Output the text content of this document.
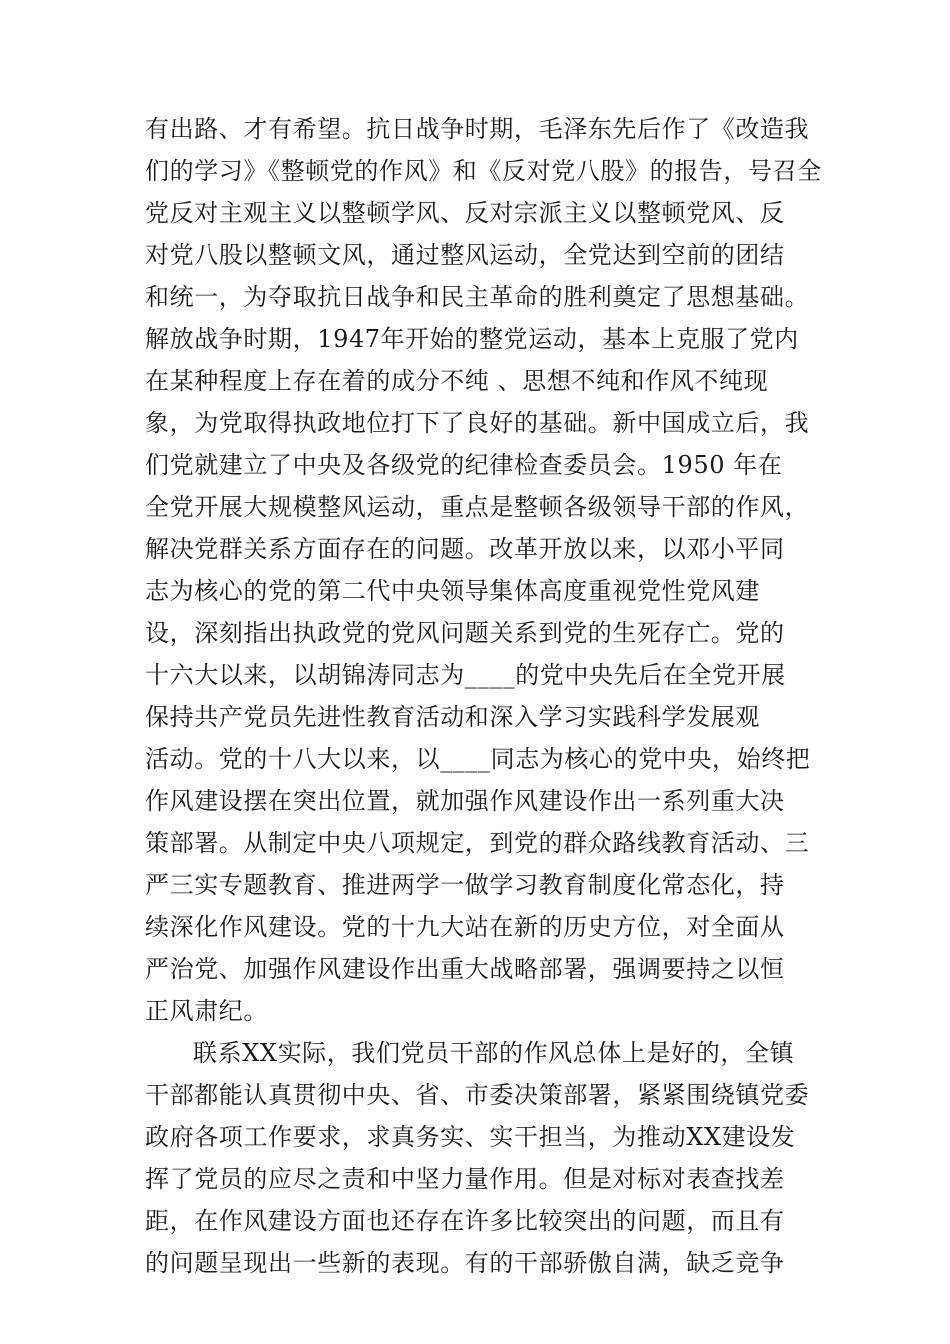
有出路、才有希望。抗日战争时期，毛泽东先后作了《改造我
们的学习》《整顿党的作风》和《反对党八股》的报告，号召全
党反对主观主义以整顿学风、反对宗派主义以整顿党风、反
对党八股以整顿文风，通过整风运动，全党达到空前的团结
和统一，为夺取抗日战争和民主革命的胜利奠定了思想基础。
解放战争时期，1947年开始的整党运动，基本上克服了党内
在某种程度上存在着的成分不纯 、思想不纯和作风不纯现
象，为党取得执政地位打下了良好的基础。新中国成立后，我
们党就建立了中央及各级党的纪律检查委员会。1950 年在
全党开展大规模整风运动，重点是整顿各级领导干部的作风，
解决党群关系方面存在的问题。改革开放以来，以邓小平同
志为核心的党的第二代中央领导集体高度重视党性党风建
设，深刻指出执政党的党风问题关系到党的生死存亡。党的
十六大以来，以胡锦涛同志为____的党中央先后在全党开展
保持共产党员先进性教育活动和深入学习实践科学发展观
活动。党的十八大以来，以____同志为核心的党中央，始终把
作风建设摆在突出位置，就加强作风建设作出一系列重大决
策部署。从制定中央八项规定，到党的群众路线教育活动、三
严三实专题教育、推进两学一做学习教育制度化常态化，持
续深化作风建设。党的十九大站在新的历史方位，对全面从
严治党、加强作风建设作出重大战略部署，强调要持之以恒
正风肃纪。
联系XX实际，我们党员干部的作风总体上是好的，全镇
干部都能认真贯彻中央、省、市委决策部署，紧紧围绕镇党委
政府各项工作要求，求真务实、实干担当，为推动XX建设发
挥了党员的应尽之责和中坚力量作用。但是对标对表查找差
距，在作风建设方面也还存在许多比较突出的问题，而且有
的问题呈现出一些新的表现。有的干部骄傲自满，缺乏竞争
